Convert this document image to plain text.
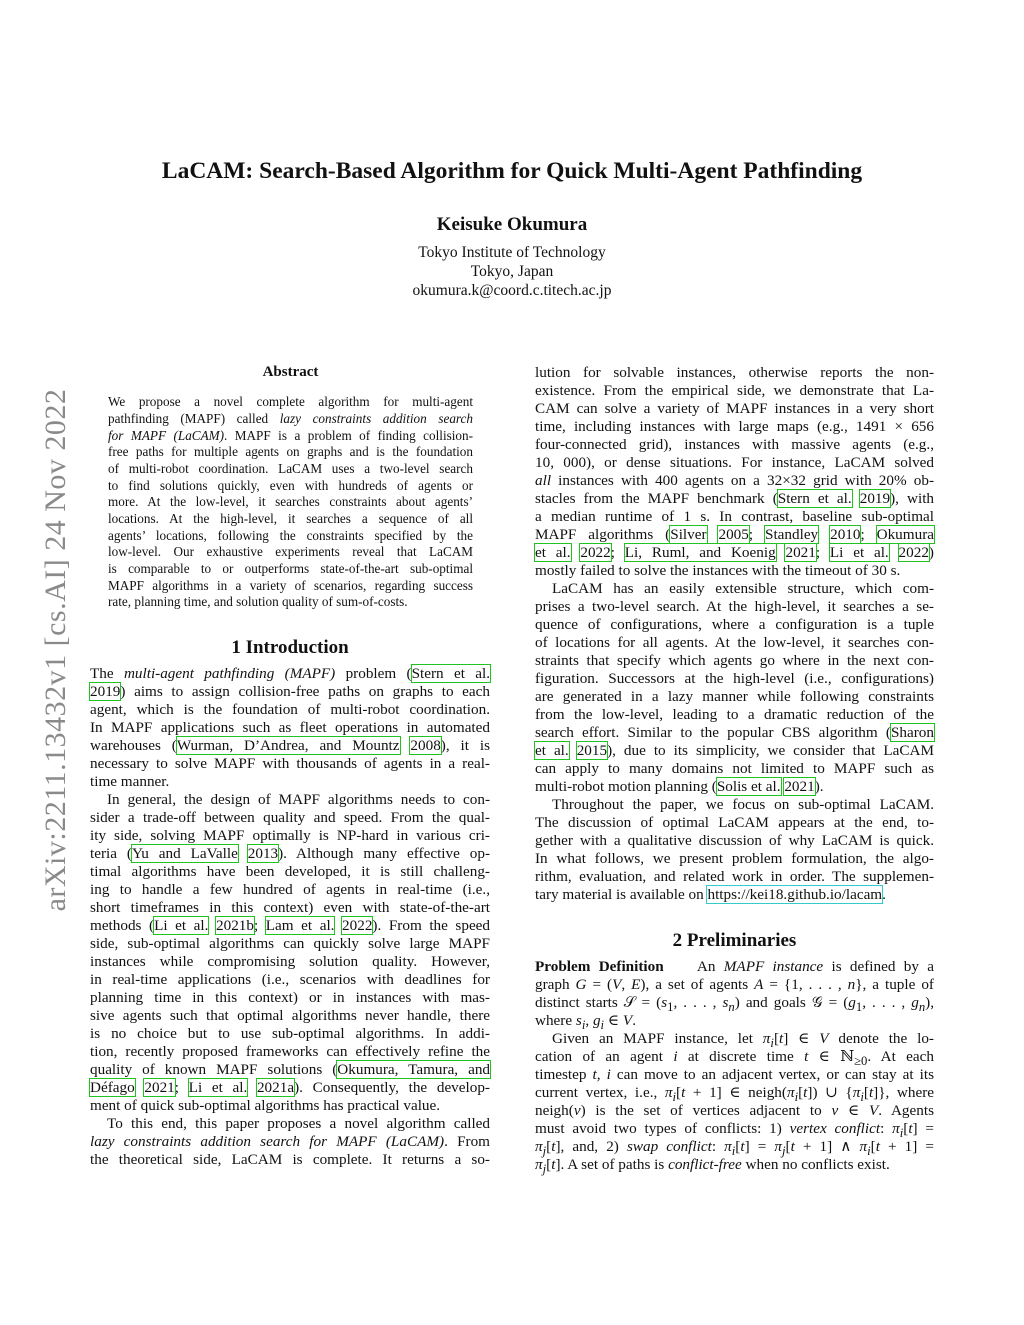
LaCAM: Search-Based Algorithm for Quick Multi-Agent Pathfinding
Keisuke Okumura
Tokyo Institute of Technology
Tokyo, Japan
okumura.k@coord.c.titech.ac.jp
arXiv:2211.13432v1 [cs.AI] 24 Nov 2022
Abstract
We propose a novel complete algorithm for multi-agent
pathfinding (MAPF) called lazy constraints addition search
for MAPF (LaCAM). MAPF is a problem of finding collision-
free paths for multiple agents on graphs and is the foundation
of multi-robot coordination. LaCAM uses a two-level search
to find solutions quickly, even with hundreds of agents or
more. At the low-level, it searches constraints about agents’
locations. At the high-level, it searches a sequence of all
agents’ locations, following the constraints specified by the
low-level. Our exhaustive experiments reveal that LaCAM
is comparable to or outperforms state-of-the-art sub-optimal
MAPF algorithms in a variety of scenarios, regarding success
rate, planning time, and solution quality of sum-of-costs.
1 Introduction
The multi-agent pathfinding (MAPF) problem (Stern et al.
2019) aims to assign collision-free paths on graphs to each
agent, which is the foundation of multi-robot coordination.
In MAPF applications such as fleet operations in automated
warehouses (Wurman, D’Andrea, and Mountz 2008), it is
necessary to solve MAPF with thousands of agents in a real-
time manner.
In general, the design of MAPF algorithms needs to con-
sider a trade-off between quality and speed. From the qual-
ity side, solving MAPF optimally is NP-hard in various cri-
teria (Yu and LaValle 2013). Although many effective op-
timal algorithms have been developed, it is still challeng-
ing to handle a few hundred of agents in real-time (i.e.,
short timeframes in this context) even with state-of-the-art
methods (Li et al. 2021b; Lam et al. 2022). From the speed
side, sub-optimal algorithms can quickly solve large MAPF
instances while compromising solution quality. However,
in real-time applications (i.e., scenarios with deadlines for
planning time in this context) or in instances with mas-
sive agents such that optimal algorithms never handle, there
is no choice but to use sub-optimal algorithms. In addi-
tion, recently proposed frameworks can effectively refine the
quality of known MAPF solutions (Okumura, Tamura, and
Défago 2021; Li et al. 2021a). Consequently, the develop-
ment of quick sub-optimal algorithms has practical value.
To this end, this paper proposes a novel algorithm called
lazy constraints addition search for MAPF (LaCAM). From
the theoretical side, LaCAM is complete. It returns a so-
lution for solvable instances, otherwise reports the non-
existence. From the empirical side, we demonstrate that La-
CAM can solve a variety of MAPF instances in a very short
time, including instances with large maps (e.g., 1491 × 656
four-connected grid), instances with massive agents (e.g.,
10, 000), or dense situations. For instance, LaCAM solved
all instances with 400 agents on a 32×32 grid with 20% ob-
stacles from the MAPF benchmark (Stern et al. 2019), with
a median runtime of 1 s. In contrast, baseline sub-optimal
MAPF algorithms (Silver 2005; Standley 2010; Okumura
et al. 2022; Li, Ruml, and Koenig 2021; Li et al. 2022)
mostly failed to solve the instances with the timeout of 30 s.
LaCAM has an easily extensible structure, which com-
prises a two-level search. At the high-level, it searches a se-
quence of configurations, where a configuration is a tuple
of locations for all agents. At the low-level, it searches con-
straints that specify which agents go where in the next con-
figuration. Successors at the high-level (i.e., configurations)
are generated in a lazy manner while following constraints
from the low-level, leading to a dramatic reduction of the
search effort. Similar to the popular CBS algorithm (Sharon
et al. 2015), due to its simplicity, we consider that LaCAM
can apply to many domains not limited to MAPF such as
multi-robot motion planning (Solis et al. 2021).
Throughout the paper, we focus on sub-optimal LaCAM.
The discussion of optimal LaCAM appears at the end, to-
gether with a qualitative discussion of why LaCAM is quick.
In what follows, we present problem formulation, the algo-
rithm, evaluation, and related work in order. The supplemen-
tary material is available on https://kei18.github.io/lacam.
2 Preliminaries
Problem Definition    An MAPF instance is defined by a
graph G = (V, E), a set of agents A = {1, . . . , n}, a tuple of
distinct starts 𝒮 = ($s_1$, . . . , $s_n$) and goals 𝒢 = ($g_1$, . . . , $g_n$),
where $s_i$, $g_i$ ∈ V.
Given an MAPF instance, let $\pi_i[t]$ ∈ V denote the lo-
cation of an agent i at discrete time t ∈ ℕ$_{\ge 0}$. At each
timestep t, i can move to an adjacent vertex, or can stay at its
current vertex, i.e., $\pi_i[t + 1]$ ∈ $neigh(\pi_i[t])$ ∪ $\{\pi_i[t]\}$, where
neigh(v) is the set of vertices adjacent to v ∈ V. Agents
must avoid two types of conflicts: 1) vertex conflict: $\pi_i[t]$ =
$\pi_j[t]$, and, 2) swap conflict: $\pi_i[t] = \pi_j[t + 1]$ ∧ $\pi_i[t + 1]$ =
$\pi_j[t]$. A set of paths is conflict-free when no conflicts exist.
